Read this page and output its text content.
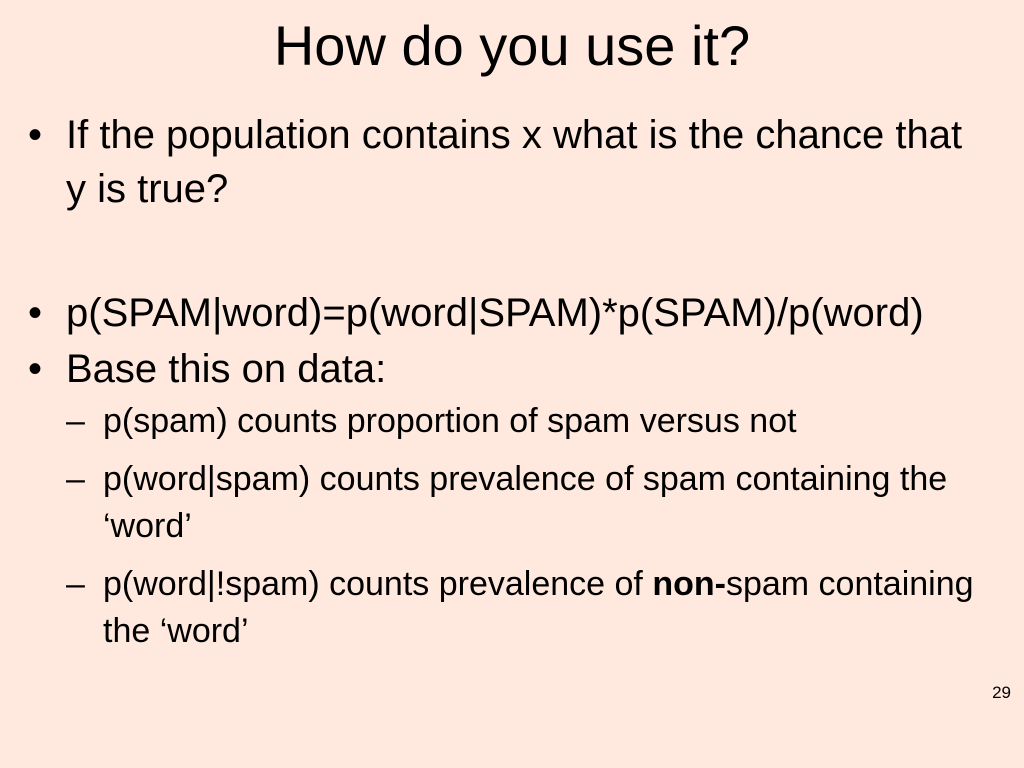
How do you use it?
• If the population contains x what is the chance that y is true?
• p(SPAM|word)=p(word|SPAM)*p(SPAM)/p(word)
• Base this on data:
– p(spam) counts proportion of spam versus not
– p(word|spam) counts prevalence of spam containing the ‘word’
– p(word|!spam) counts prevalence of non-spam containing the ‘word’
29
